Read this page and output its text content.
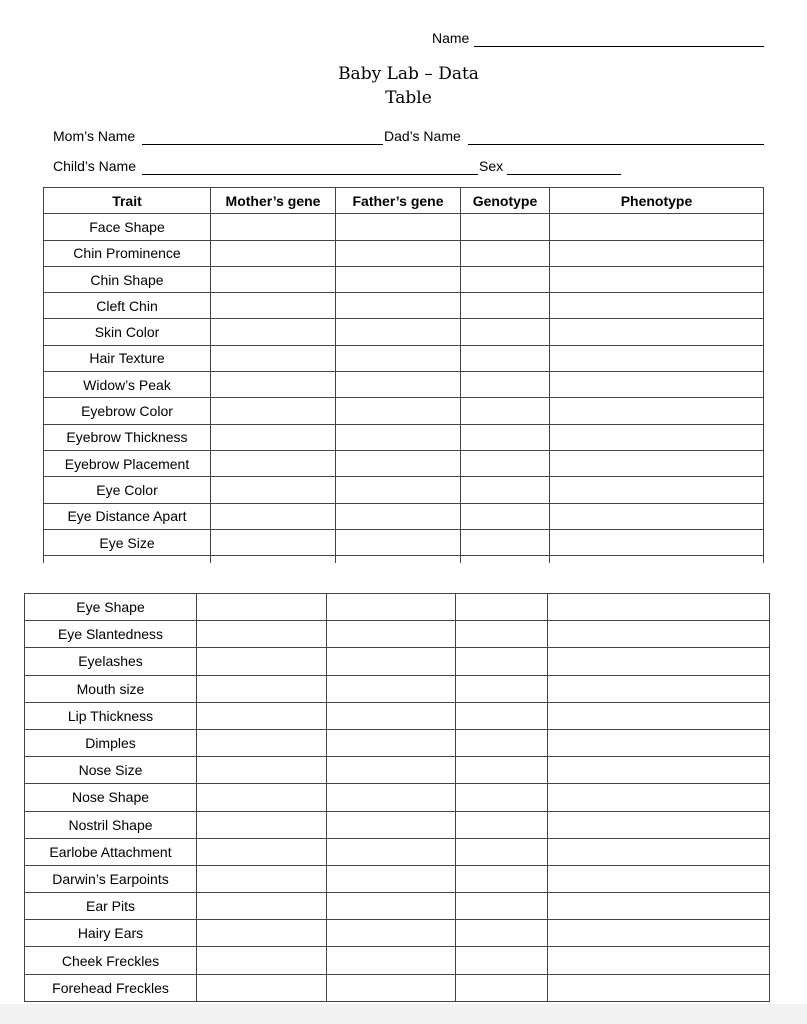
Name
Baby Lab – Data
Table
Mom’s Name	Dad’s Name
Child’s Name	Sex
Trait	Mother’s gene	Father’s gene	Genotype	Phenotype
Face Shape				
Chin Prominence				
Chin Shape				
Cleft Chin				
Skin Color				
Hair Texture				
Widow’s Peak				
Eyebrow Color				
Eyebrow Thickness				
Eyebrow Placement				
Eye Color				
Eye Distance Apart				
Eye Size				

Eye Shape				
Eye Slantedness				
Eyelashes				
Mouth size				
Lip Thickness				
Dimples				
Nose Size				
Nose Shape				
Nostril Shape				
Earlobe Attachment				
Darwin’s Earpoints				
Ear Pits				
Hairy Ears				
Cheek Freckles				
Forehead Freckles				
